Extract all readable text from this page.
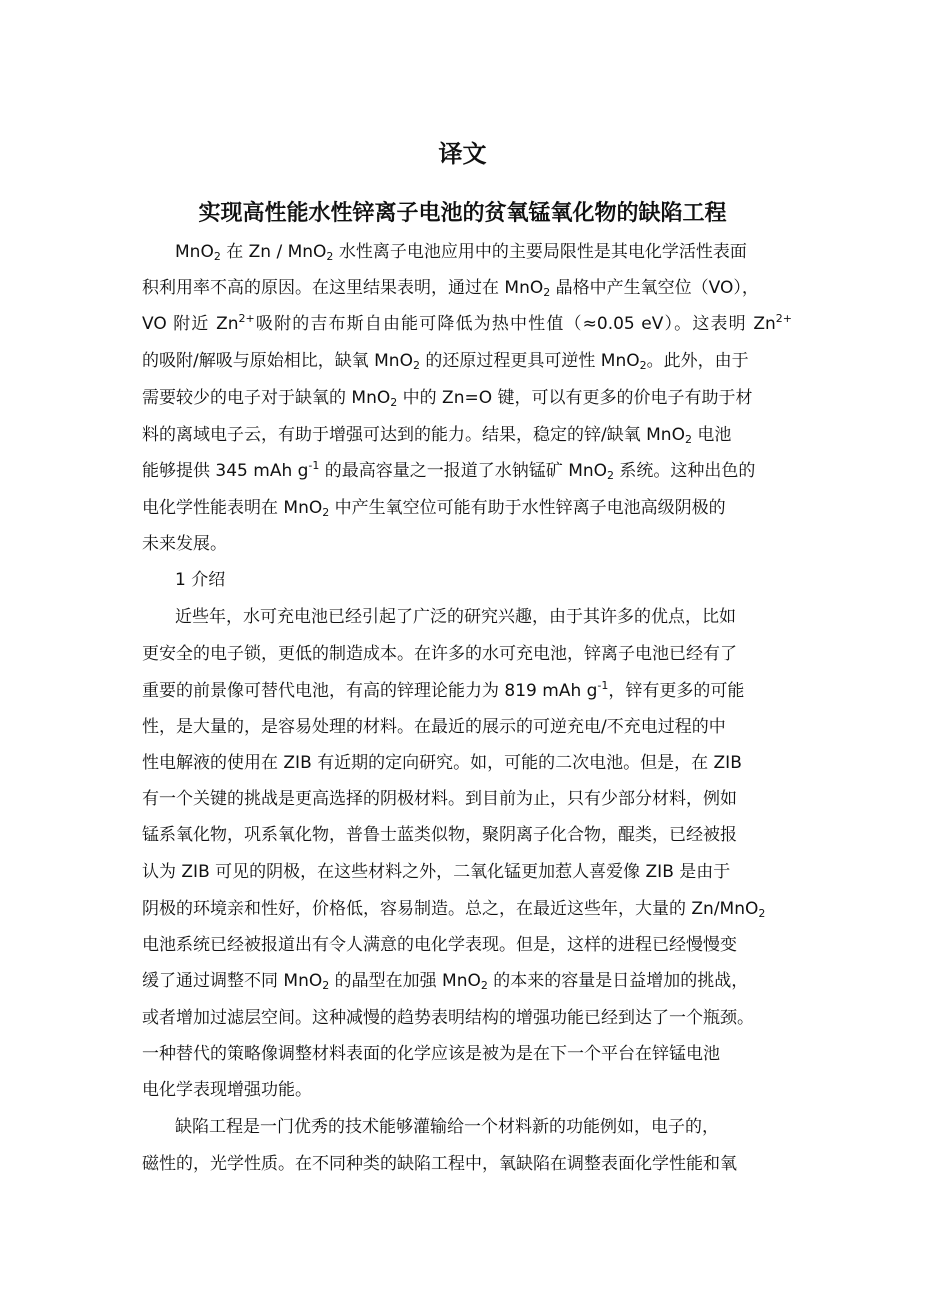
译文
实现高性能水性锌离子电池的贫氧锰氧化物的缺陷工程
MnO$_2$ 在 Zn / MnO$_2$ 水性离子电池应用中的主要局限性是其电化学活性表面
积利用率不高的原因。在这里结果表明，通过在 MnO$_2$ 晶格中产生氧空位（VO），
VO 附近 $Zn^{2+}$吸附的吉布斯自由能可降低为热中性值（≈0.05 eV）。这表明 $Zn^{2+}$
的吸附/解吸与原始相比，缺氧 MnO$_2$ 的还原过程更具可逆性 MnO$_2$。此外，由于
需要较少的电子对于缺氧的 MnO$_2$ 中的 Zn=O 键，可以有更多的价电子有助于材
料的离域电子云，有助于增强可达到的能力。结果，稳定的锌/缺氧 MnO$_2$ 电池
能够提供 345 mAh $g^{-1}$ 的最高容量之一报道了水钠锰矿 MnO$_2$ 系统。这种出色的
电化学性能表明在 MnO$_2$ 中产生氧空位可能有助于水性锌离子电池高级阴极的
未来发展。
1 介绍
近些年，水可充电池已经引起了广泛的研究兴趣，由于其许多的优点，比如
更安全的电子锁，更低的制造成本。在许多的水可充电池，锌离子电池已经有了
重要的前景像可替代电池，有高的锌理论能力为 819 mAh $g^{-1}$，锌有更多的可能
性，是大量的，是容易处理的材料。在最近的展示的可逆充电/不充电过程的中
性电解液的使用在 ZIB 有近期的定向研究。如，可能的二次电池。但是，在 ZIB
有一个关键的挑战是更高选择的阴极材料。到目前为止，只有少部分材料，例如
锰系氧化物，巩系氧化物，普鲁士蓝类似物，聚阴离子化合物，醌类，已经被报
认为 ZIB 可见的阴极，在这些材料之外，二氧化锰更加惹人喜爱像 ZIB 是由于
阴极的环境亲和性好，价格低，容易制造。总之，在最近这些年，大量的 Zn/MnO$_2$
电池系统已经被报道出有令人满意的电化学表现。但是，这样的进程已经慢慢变
缓了通过调整不同 MnO$_2$ 的晶型在加强 MnO$_2$ 的本来的容量是日益增加的挑战，
或者增加过滤层空间。这种减慢的趋势表明结构的增强功能已经到达了一个瓶颈。
一种替代的策略像调整材料表面的化学应该是被为是在下一个平台在锌锰电池
电化学表现增强功能。
缺陷工程是一门优秀的技术能够灌输给一个材料新的功能例如，电子的，
磁性的，光学性质。在不同种类的缺陷工程中，氧缺陷在调整表面化学性能和氧
